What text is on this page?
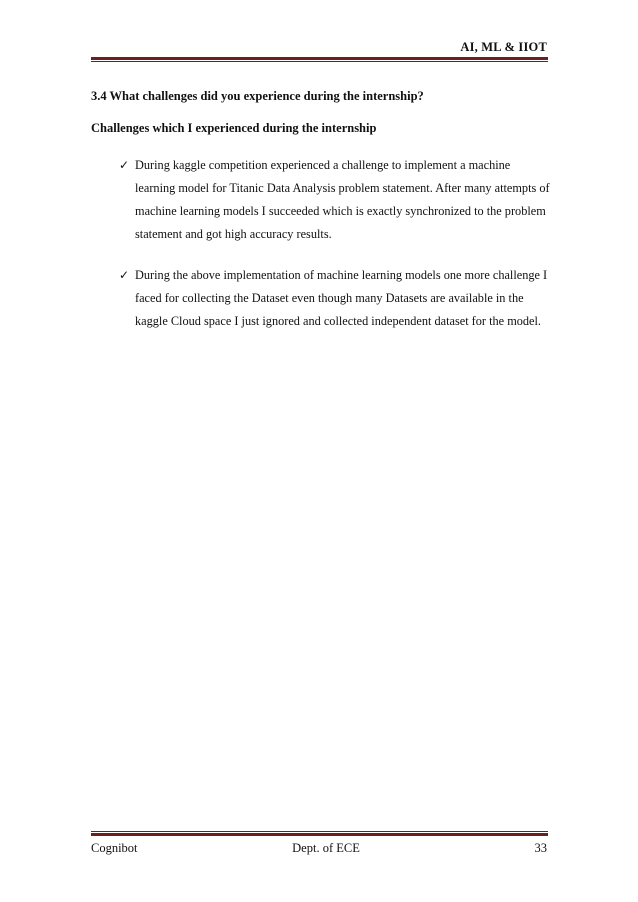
AI, ML & IIOT
3.4 What challenges did you experience during the internship?
Challenges which I experienced during the internship
✓ During kaggle competition experienced a challenge to implement a machine learning model for Titanic Data Analysis problem statement. After many attempts of machine learning models I succeeded which is exactly synchronized to the problem statement and got high accuracy results.
✓ During the above implementation of machine learning models one more challenge I faced for collecting the Dataset even though many Datasets are available in the kaggle Cloud space I just ignored and collected independent dataset for the model.
Cognibot	Dept. of ECE	33
